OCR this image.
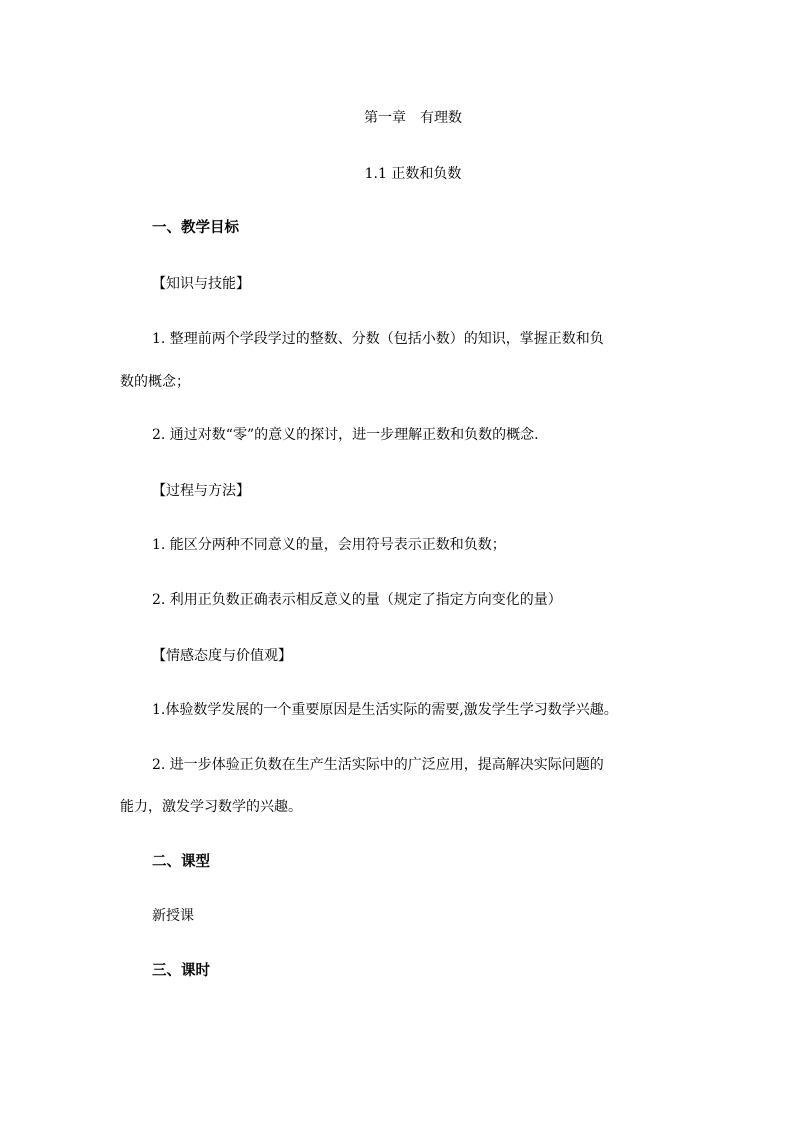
第一章　有理数
1.1 正数和负数
一、教学目标
【知识与技能】
1. 整理前两个学段学过的整数、分数（包括小数）的知识，掌握正数和负
数的概念；
2. 通过对数“零”的意义的探讨，进一步理解正数和负数的概念.
【过程与方法】
1. 能区分两种不同意义的量，会用符号表示正数和负数；
2. 利用正负数正确表示相反意义的量（规定了指定方向变化的量）
【情感态度与价值观】
1.体验数学发展的一个重要原因是生活实际的需要,激发学生学习数学兴趣。
2. 进一步体验正负数在生产生活实际中的广泛应用，提高解决实际问题的
能力，激发学习数学的兴趣。
二、课型
新授课
三、课时
